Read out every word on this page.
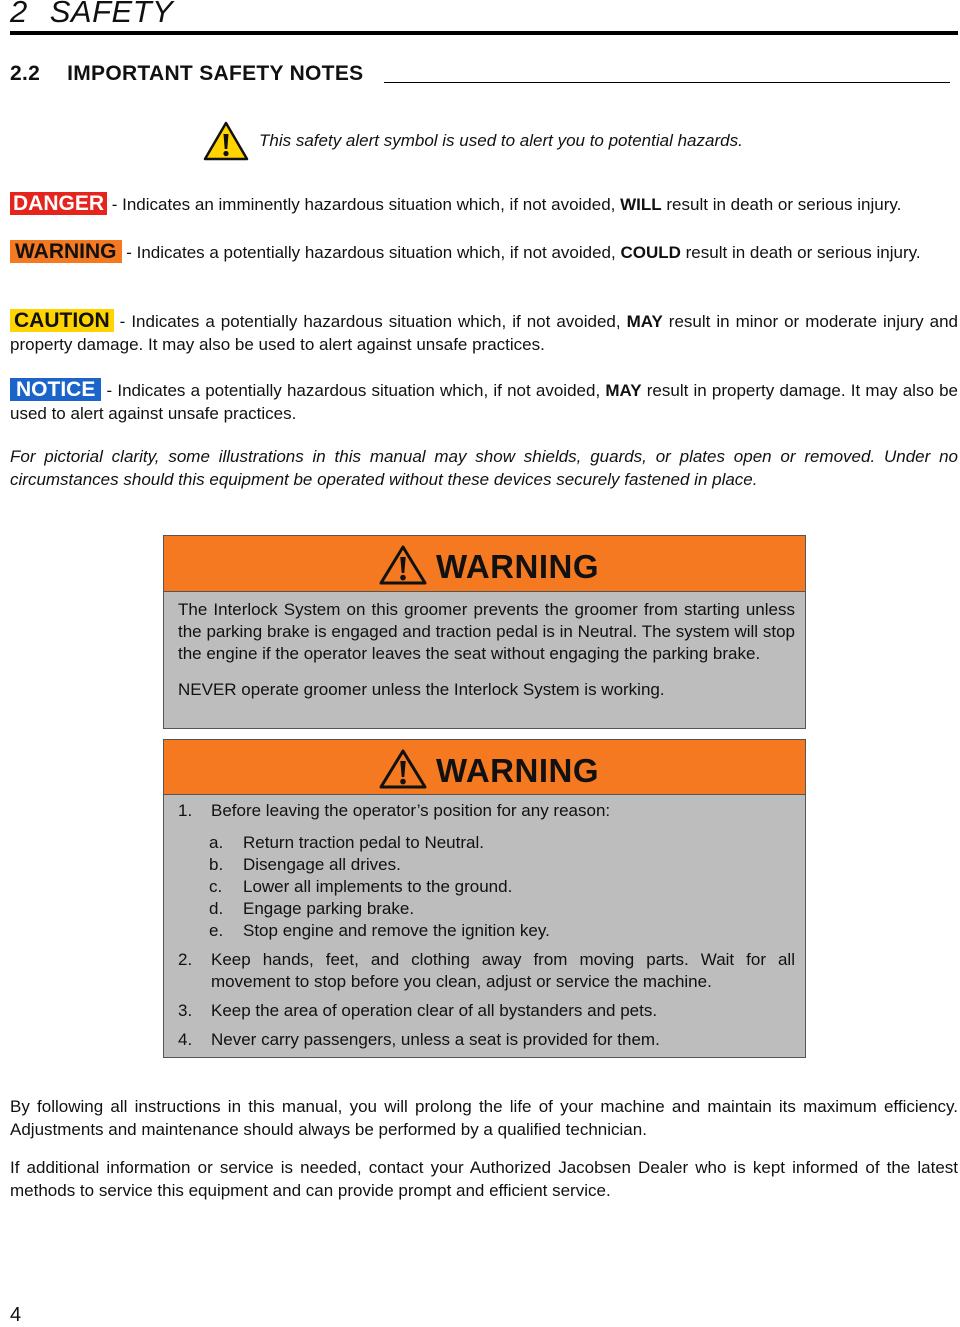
2 SAFETY
2.2 IMPORTANT SAFETY NOTES
This safety alert symbol is used to alert you to potential hazards.
DANGER - Indicates an imminently hazardous situation which, if not avoided, WILL result in death or serious injury.
WARNING - Indicates a potentially hazardous situation which, if not avoided, COULD result in death or serious injury.
CAUTION - Indicates a potentially hazardous situation which, if not avoided, MAY result in minor or moderate injury and property damage. It may also be used to alert against unsafe practices.
NOTICE - Indicates a potentially hazardous situation which, if not avoided, MAY result in property damage. It may also be used to alert against unsafe practices.
For pictorial clarity, some illustrations in this manual may show shields, guards, or plates open or removed. Under no circumstances should this equipment be operated without these devices securely fastened in place.
WARNING

The Interlock System on this groomer prevents the groomer from starting unless the parking brake is engaged and traction pedal is in Neutral. The system will stop the engine if the operator leaves the seat without engaging the parking brake.

NEVER operate groomer unless the Interlock System is working.

WARNING
1. Before leaving the operator’s position for any reason:
a. Return traction pedal to Neutral.
b. Disengage all drives.
c. Lower all implements to the ground.
d. Engage parking brake.
e. Stop engine and remove the ignition key.
2. Keep hands, feet, and clothing away from moving parts. Wait for all movement to stop before you clean, adjust or service the machine.
3. Keep the area of operation clear of all bystanders and pets.
4. Never carry passengers, unless a seat is provided for them.
By following all instructions in this manual, you will prolong the life of your machine and maintain its maximum efficiency. Adjustments and maintenance should always be performed by a qualified technician.
If additional information or service is needed, contact your Authorized Jacobsen Dealer who is kept informed of the latest methods to service this equipment and can provide prompt and efficient service.
4
